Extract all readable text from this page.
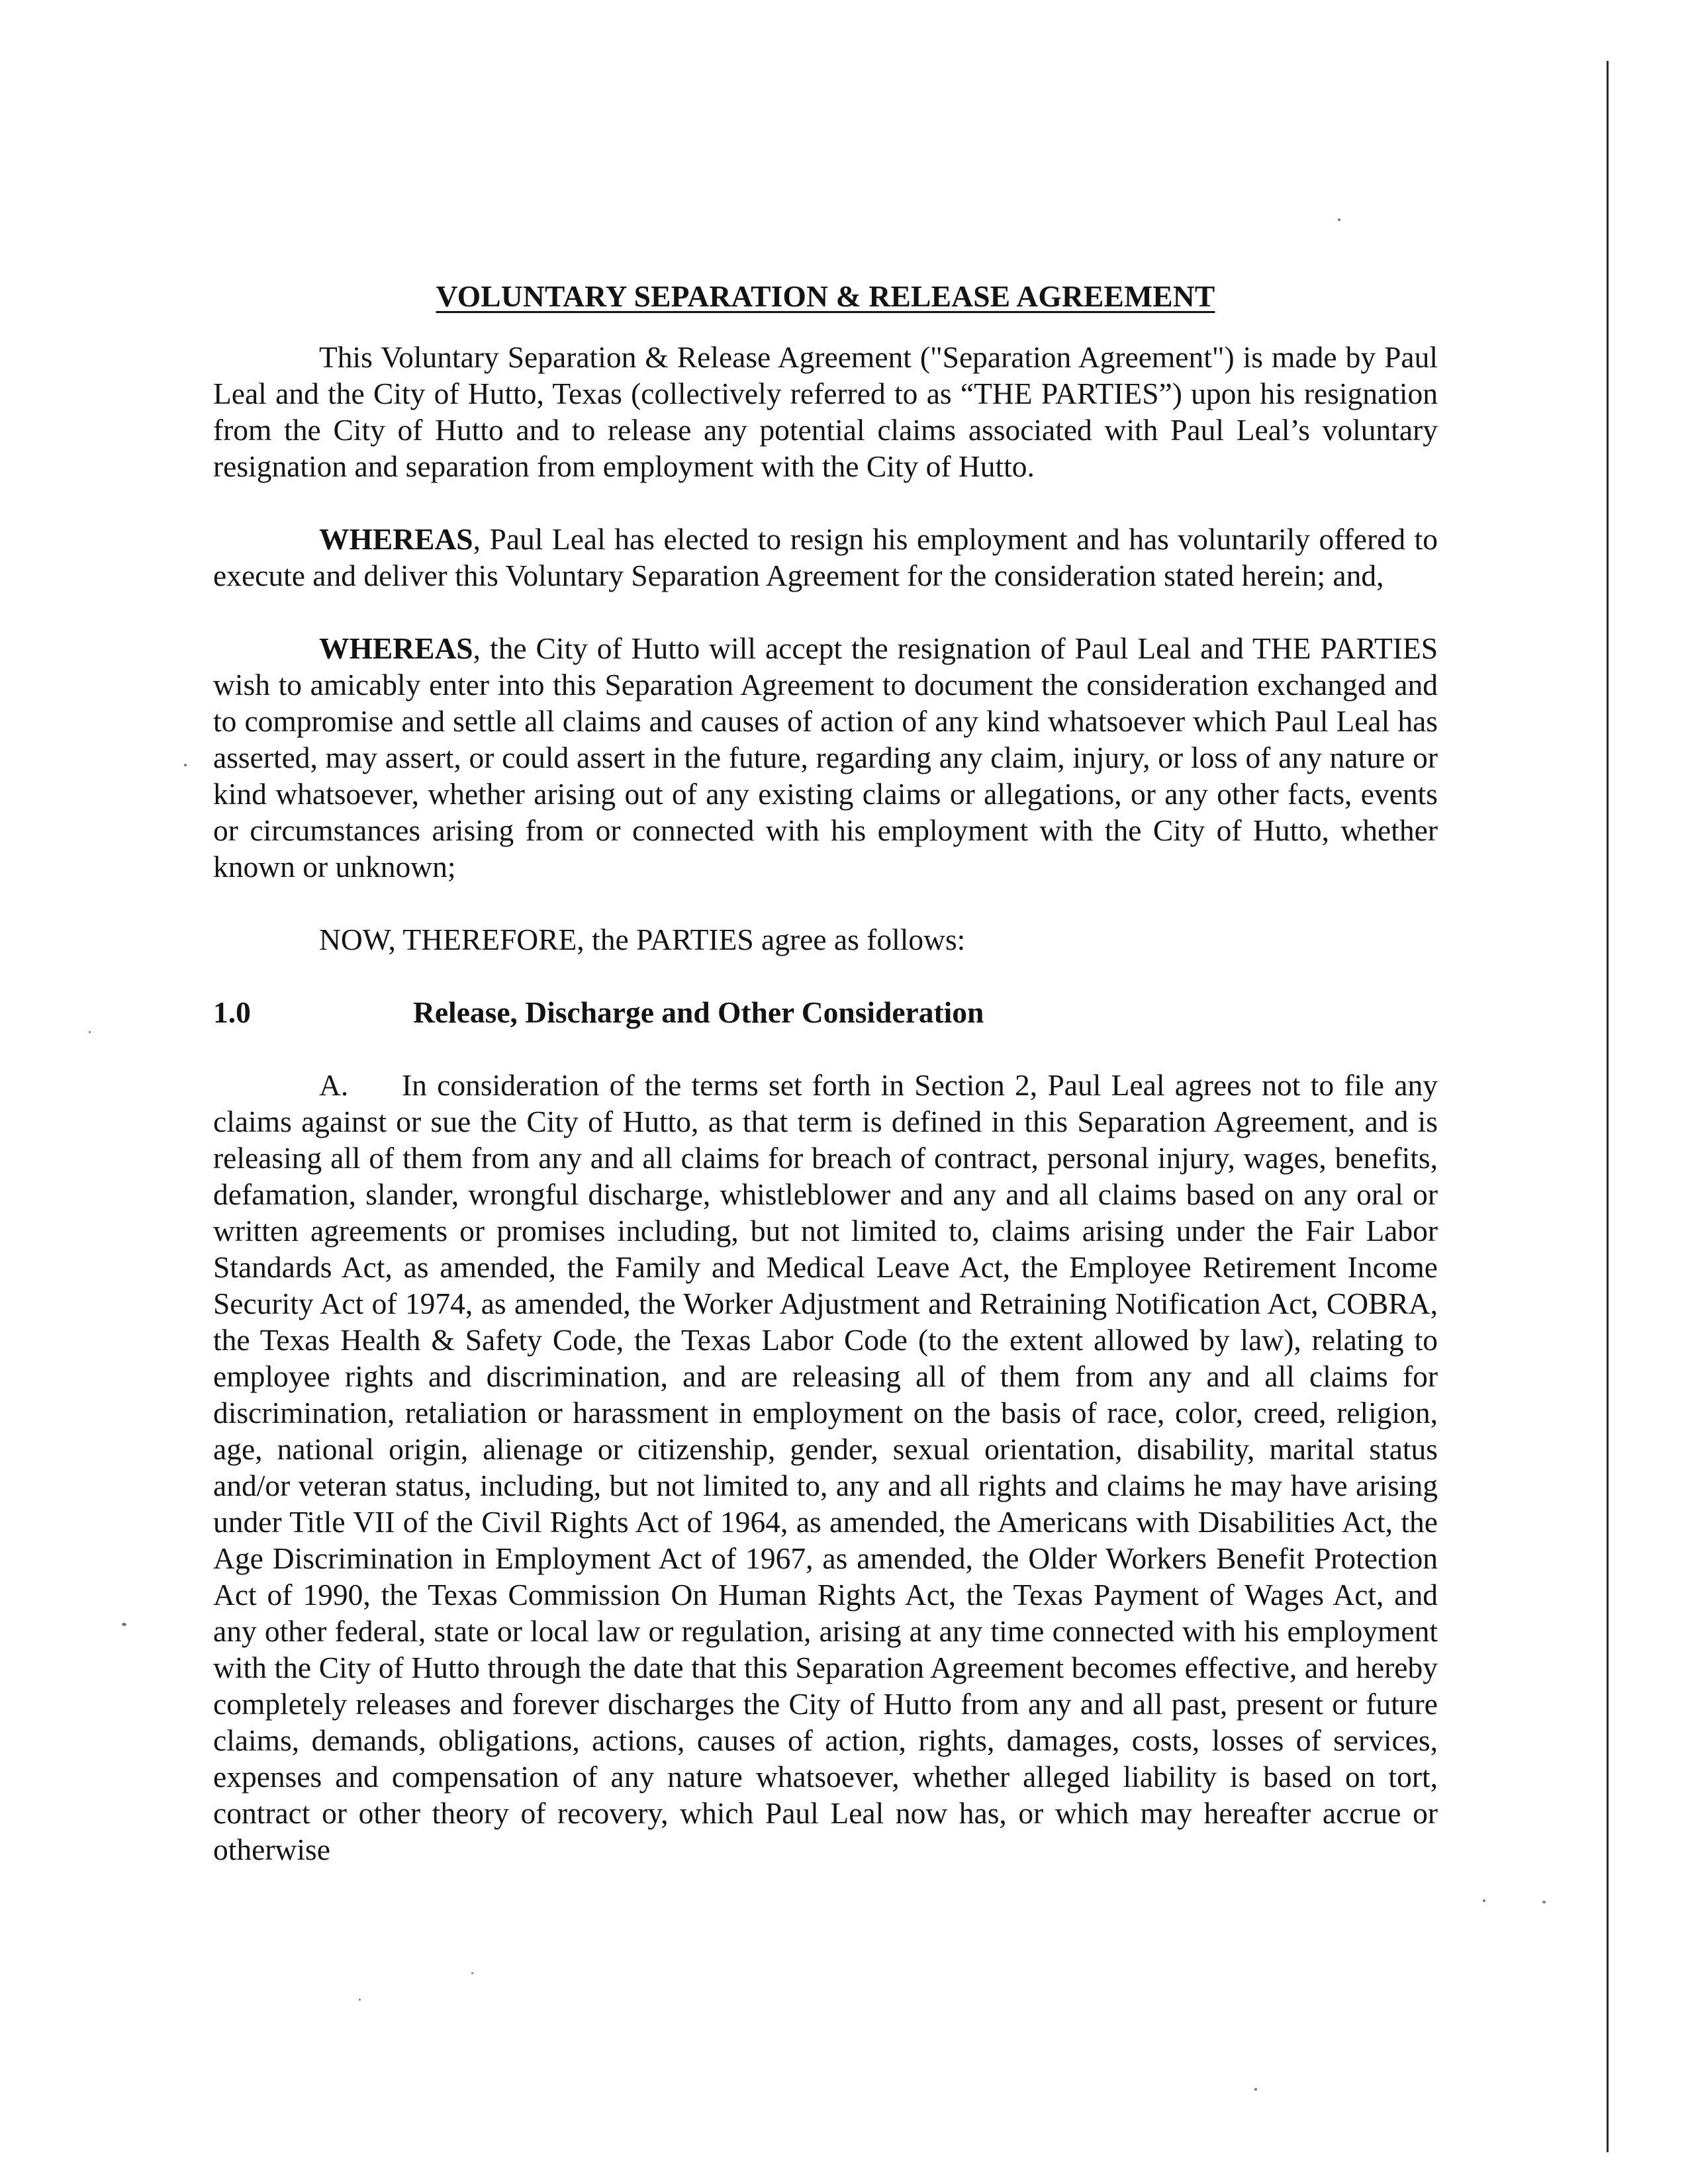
VOLUNTARY SEPARATION & RELEASE AGREEMENT

This Voluntary Separation & Release Agreement ("Separation Agreement") is made by Paul Leal and the City of Hutto, Texas (collectively referred to as “THE PARTIES”) upon his resignation from the City of Hutto and to release any potential claims associated with Paul Leal’s voluntary resignation and separation from employment with the City of Hutto.

WHEREAS, Paul Leal has elected to resign his employment and has voluntarily offered to execute and deliver this Voluntary Separation Agreement for the consideration stated herein; and,

WHEREAS, the City of Hutto will accept the resignation of Paul Leal and THE PARTIES wish to amicably enter into this Separation Agreement to document the consideration exchanged and to compromise and settle all claims and causes of action of any kind whatsoever which Paul Leal has asserted, may assert, or could assert in the future, regarding any claim, injury, or loss of any nature or kind whatsoever, whether arising out of any existing claims or allegations, or any other facts, events or circumstances arising from or connected with his employment with the City of Hutto, whether known or unknown;

NOW, THEREFORE, the PARTIES agree as follows:

1.0	Release, Discharge and Other Consideration

A. In consideration of the terms set forth in Section 2, Paul Leal agrees not to file any claims against or sue the City of Hutto, as that term is defined in this Separation Agreement, and is releasing all of them from any and all claims for breach of contract, personal injury, wages, benefits, defamation, slander, wrongful discharge, whistleblower and any and all claims based on any oral or written agreements or promises including, but not limited to, claims arising under the Fair Labor Standards Act, as amended, the Family and Medical Leave Act, the Employee Retirement Income Security Act of 1974, as amended, the Worker Adjustment and Retraining Notification Act, COBRA, the Texas Health & Safety Code, the Texas Labor Code (to the extent allowed by law), relating to employee rights and discrimination, and are releasing all of them from any and all claims for discrimination, retaliation or harassment in employment on the basis of race, color, creed, religion, age, national origin, alienage or citizenship, gender, sexual orientation, disability, marital status and/or veteran status, including, but not limited to, any and all rights and claims he may have arising under Title VII of the Civil Rights Act of 1964, as amended, the Americans with Disabilities Act, the Age Discrimination in Employment Act of 1967, as amended, the Older Workers Benefit Protection Act of 1990, the Texas Commission On Human Rights Act, the Texas Payment of Wages Act, and any other federal, state or local law or regulation, arising at any time connected with his employment with the City of Hutto through the date that this Separation Agreement becomes effective, and hereby completely releases and forever discharges the City of Hutto from any and all past, present or future claims, demands, obligations, actions, causes of action, rights, damages, costs, losses of services, expenses and compensation of any nature whatsoever, whether alleged liability is based on tort, contract or other theory of recovery, which Paul Leal now has, or which may hereafter accrue or otherwise
